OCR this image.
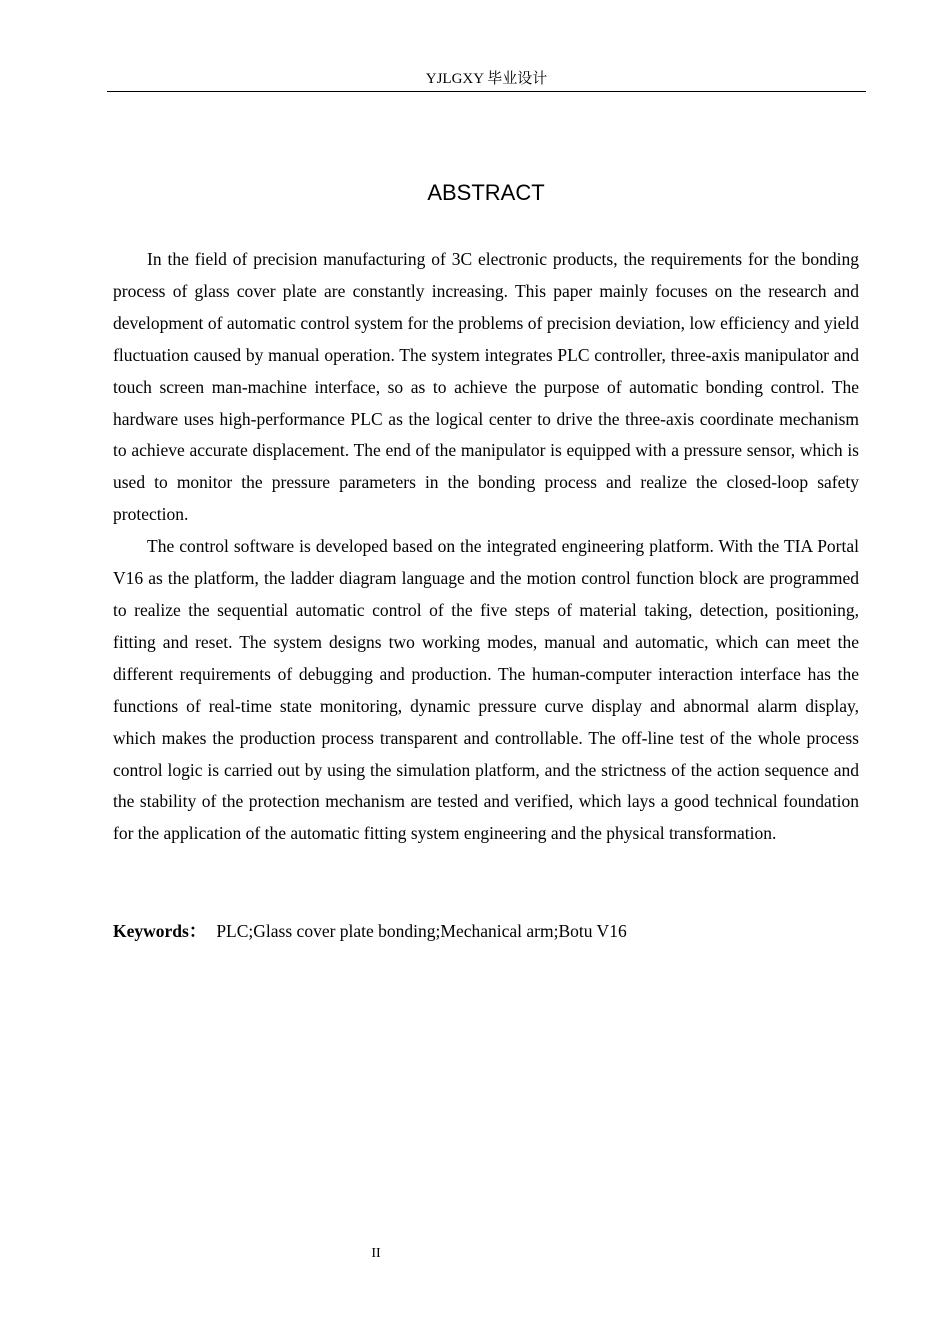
YJLGXY 毕业设计
ABSTRACT

In the field of precision manufacturing of 3C electronic products, the requirements for the bonding process of glass cover plate are constantly increasing. This paper mainly focuses on the research and development of automatic control system for the problems of precision deviation, low efficiency and yield fluctuation caused by manual operation. The system integrates PLC controller, three-axis manipulator and touch screen man-machine interface, so as to achieve the purpose of automatic bonding control. The hardware uses high-performance PLC as the logical center to drive the three-axis coordinate mechanism to achieve accurate displacement. The end of the manipulator is equipped with a pressure sensor, which is used to monitor the pressure parameters in the bonding process and realize the closed-loop safety protection.

The control software is developed based on the integrated engineering platform. With the TIA Portal V16 as the platform, the ladder diagram language and the motion control function block are programmed to realize the sequential automatic control of the five steps of material taking, detection, positioning, fitting and reset. The system designs two working modes, manual and automatic, which can meet the different requirements of debugging and production. The human-computer interaction interface has the functions of real-time state monitoring, dynamic pressure curve display and abnormal alarm display, which makes the production process transparent and controllable. The off-line test of the whole process control logic is carried out by using the simulation platform, and the strictness of the action sequence and the stability of the protection mechanism are tested and verified, which lays a good technical foundation for the application of the automatic fitting system engineering and the physical transformation.

Keywords： PLC;Glass cover plate bonding;Mechanical arm;Botu V16
II
